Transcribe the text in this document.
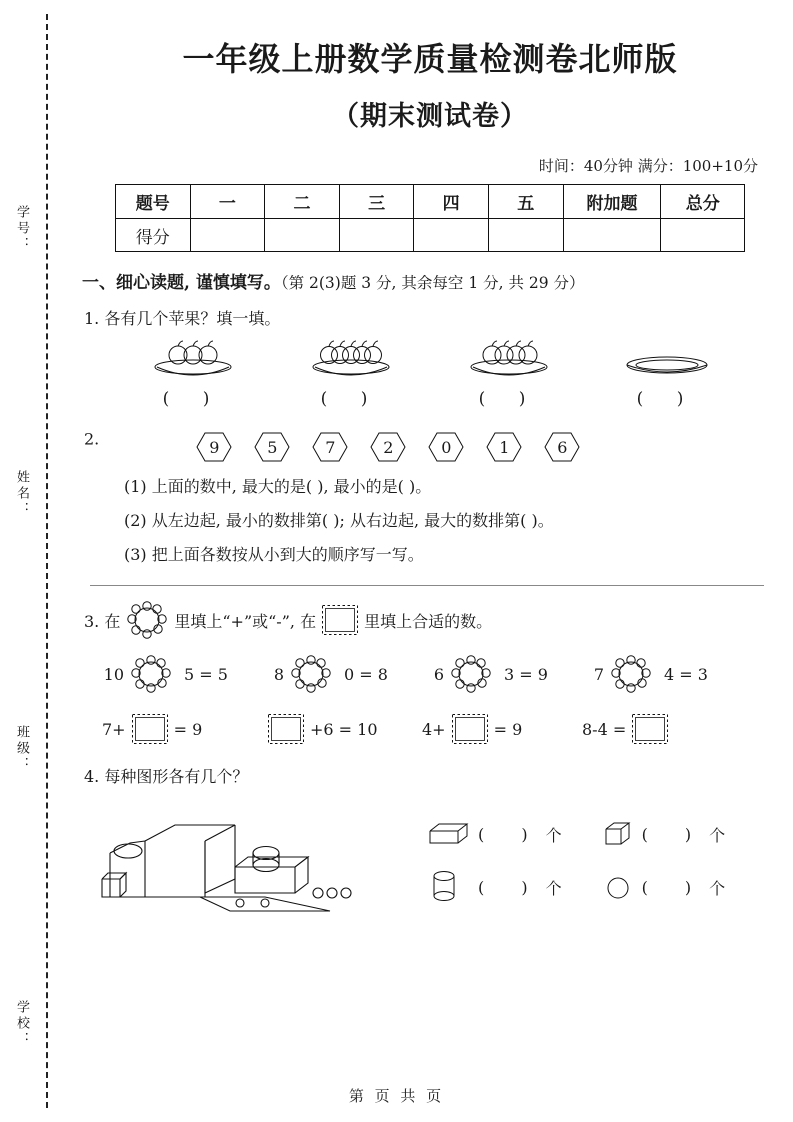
学号：
姓名：
班级：
学校：
一年级上册数学质量检测卷北师版
（期末测试卷）
时间：40分钟 满分：100+10分
题号	一	二	三	四	五	附加题	总分
得分							
一、细心读题, 谨慎填写。（第 2(3)题 3 分, 其余每空 1 分, 共 29 分）
1. 各有几个苹果？填一填。
( )	( )	( )	( )
2.	9	5	7	2	0	1	6
(1) 上面的数中, 最大的是( ), 最小的是( )。
(2) 从左边起, 最小的数排第( ); 从右边起, 最大的数排第( )。
(3) 把上面各数按从小到大的顺序写一写。
3. 在	里填上“+”或“-”, 在	里填上合适的数。
10	5 = 5	8	0 = 8	6	3 = 9	7	4 = 3
7+	= 9	+6 = 10	4+	= 9	8-4 =
4. 每种图形各有几个？
( ) 个	( ) 个
( ) 个	( ) 个
第 页 共 页
